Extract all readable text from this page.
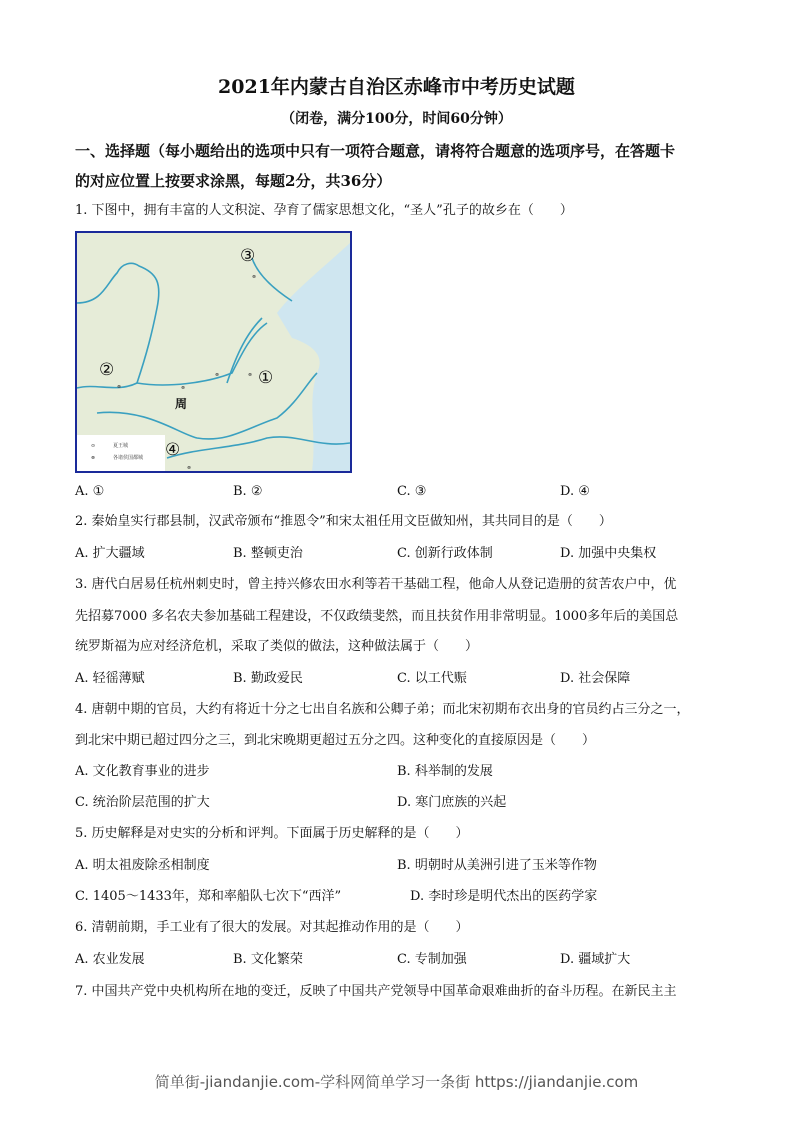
2021年内蒙古自治区赤峰市中考历史试题
（闭卷，满分100分，时间60分钟）
一、选择题（每小题给出的选项中只有一项符合题意，请将符合题意的选项序号，在答题卡
的对应位置上按要求涂黑，每题2分，共36分）
1. 下图中，拥有丰富的人文积淀、孕育了儒家思想文化，“圣人”孔子的故乡在（　　）
⊙	夏王城
⊗	各诸侯国都城
③
②	①
周
④
⊗
⊗
⊗
⊗
⊗
⊗
A. ①	B. ②	C. ③	D. ④
2. 秦始皇实行郡县制，汉武帝颁布“推恩令”和宋太祖任用文臣做知州，其共同目的是（　　）
A. 扩大疆域	B. 整顿吏治	C. 创新行政体制	D. 加强中央集权
3. 唐代白居易任杭州刺史时，曾主持兴修农田水利等若干基础工程，他命人从登记造册的贫苦农户中，优
先招募7000 多名农夫参加基础工程建设，不仅政绩斐然，而且扶贫作用非常明显。1000多年后的美国总
统罗斯福为应对经济危机，采取了类似的做法，这种做法属于（　　）
A. 轻徭薄赋	B. 勤政爱民	C. 以工代赈	D. 社会保障
4. 唐朝中期的官员，大约有将近十分之七出自名族和公卿子弟；而北宋初期布衣出身的官员约占三分之一，
到北宋中期已超过四分之三，到北宋晚期更超过五分之四。这种变化的直接原因是（　　）
A. 文化教育事业的进步	B. 科举制的发展
C. 统治阶层范围的扩大	D. 寒门庶族的兴起
5. 历史解释是对史实的分析和评判。下面属于历史解释的是（　　）
A. 明太祖废除丞相制度	B. 明朝时从美洲引进了玉米等作物
C. 1405～1433年，郑和率船队七次下“西洋”	D. 李时珍是明代杰出的医药学家
6. 清朝前期，手工业有了很大的发展。对其起推动作用的是（　　）
A. 农业发展	B. 文化繁荣	C. 专制加强	D. 疆域扩大
7. 中国共产党中央机构所在地的变迁，反映了中国共产党领导中国革命艰难曲折的奋斗历程。在新民主主
简单街-jiandanjie.com-学科网简单学习一条街 https://jiandanjie.com
